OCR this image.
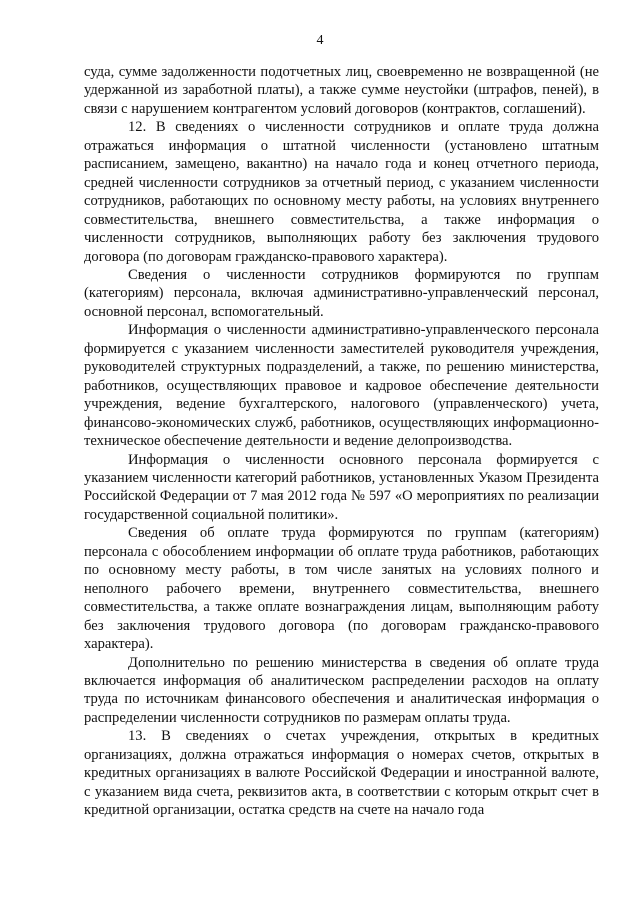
4

суда, сумме задолженности подотчетных лиц, своевременно не возвращенной (не удержанной из заработной платы), а также сумме неустойки (штрафов, пеней), в связи с нарушением контрагентом условий договоров (контрактов, соглашений).

12. В сведениях о численности сотрудников и оплате труда должна отражаться информация о штатной численности (установлено штатным расписанием, замещено, вакантно) на начало года и конец отчетного периода, средней численности сотрудников за отчетный период, с указанием численности сотрудников, работающих по основному месту работы, на условиях внутреннего совместительства, внешнего совместительства, а также информация о численности сотрудников, выполняющих работу без заключения трудового договора (по договорам гражданско-правового характера).

Сведения о численности сотрудников формируются по группам (категориям) персонала, включая административно-управленческий персонал, основной персонал, вспомогательный.

Информация о численности административно-управленческого персонала формируется с указанием численности заместителей руководителя учреждения, руководителей структурных подразделений, а также, по решению министерства, работников, осуществляющих правовое и кадровое обеспечение деятельности учреждения, ведение бухгалтерского, налогового (управленческого) учета, финансово-экономических служб, работников, осуществляющих информационно-техническое обеспечение деятельности и ведение делопроизводства.

Информация о численности основного персонала формируется с указанием численности категорий работников, установленных Указом Президента Российской Федерации от 7 мая 2012 года № 597 «О мероприятиях по реализации государственной социальной политики».

Сведения об оплате труда формируются по группам (категориям) персонала с обособлением информации об оплате труда работников, работающих по основному месту работы, в том числе занятых на условиях полного и неполного рабочего времени, внутреннего совместительства, внешнего совместительства, а также оплате вознаграждения лицам, выполняющим работу без заключения трудового договора (по договорам гражданско-правового характера).

Дополнительно по решению министерства в сведения об оплате труда включается информация об аналитическом распределении расходов на оплату труда по источникам финансового обеспечения и аналитическая информация о распределении численности сотрудников по размерам оплаты труда.

13. В сведениях о счетах учреждения, открытых в кредитных организациях, должна отражаться информация о номерах счетов, открытых в кредитных организациях в валюте Российской Федерации и иностранной валюте, с указанием вида счета, реквизитов акта, в соответствии с которым открыт счет в кредитной организации, остатка средств на счете на начало года
